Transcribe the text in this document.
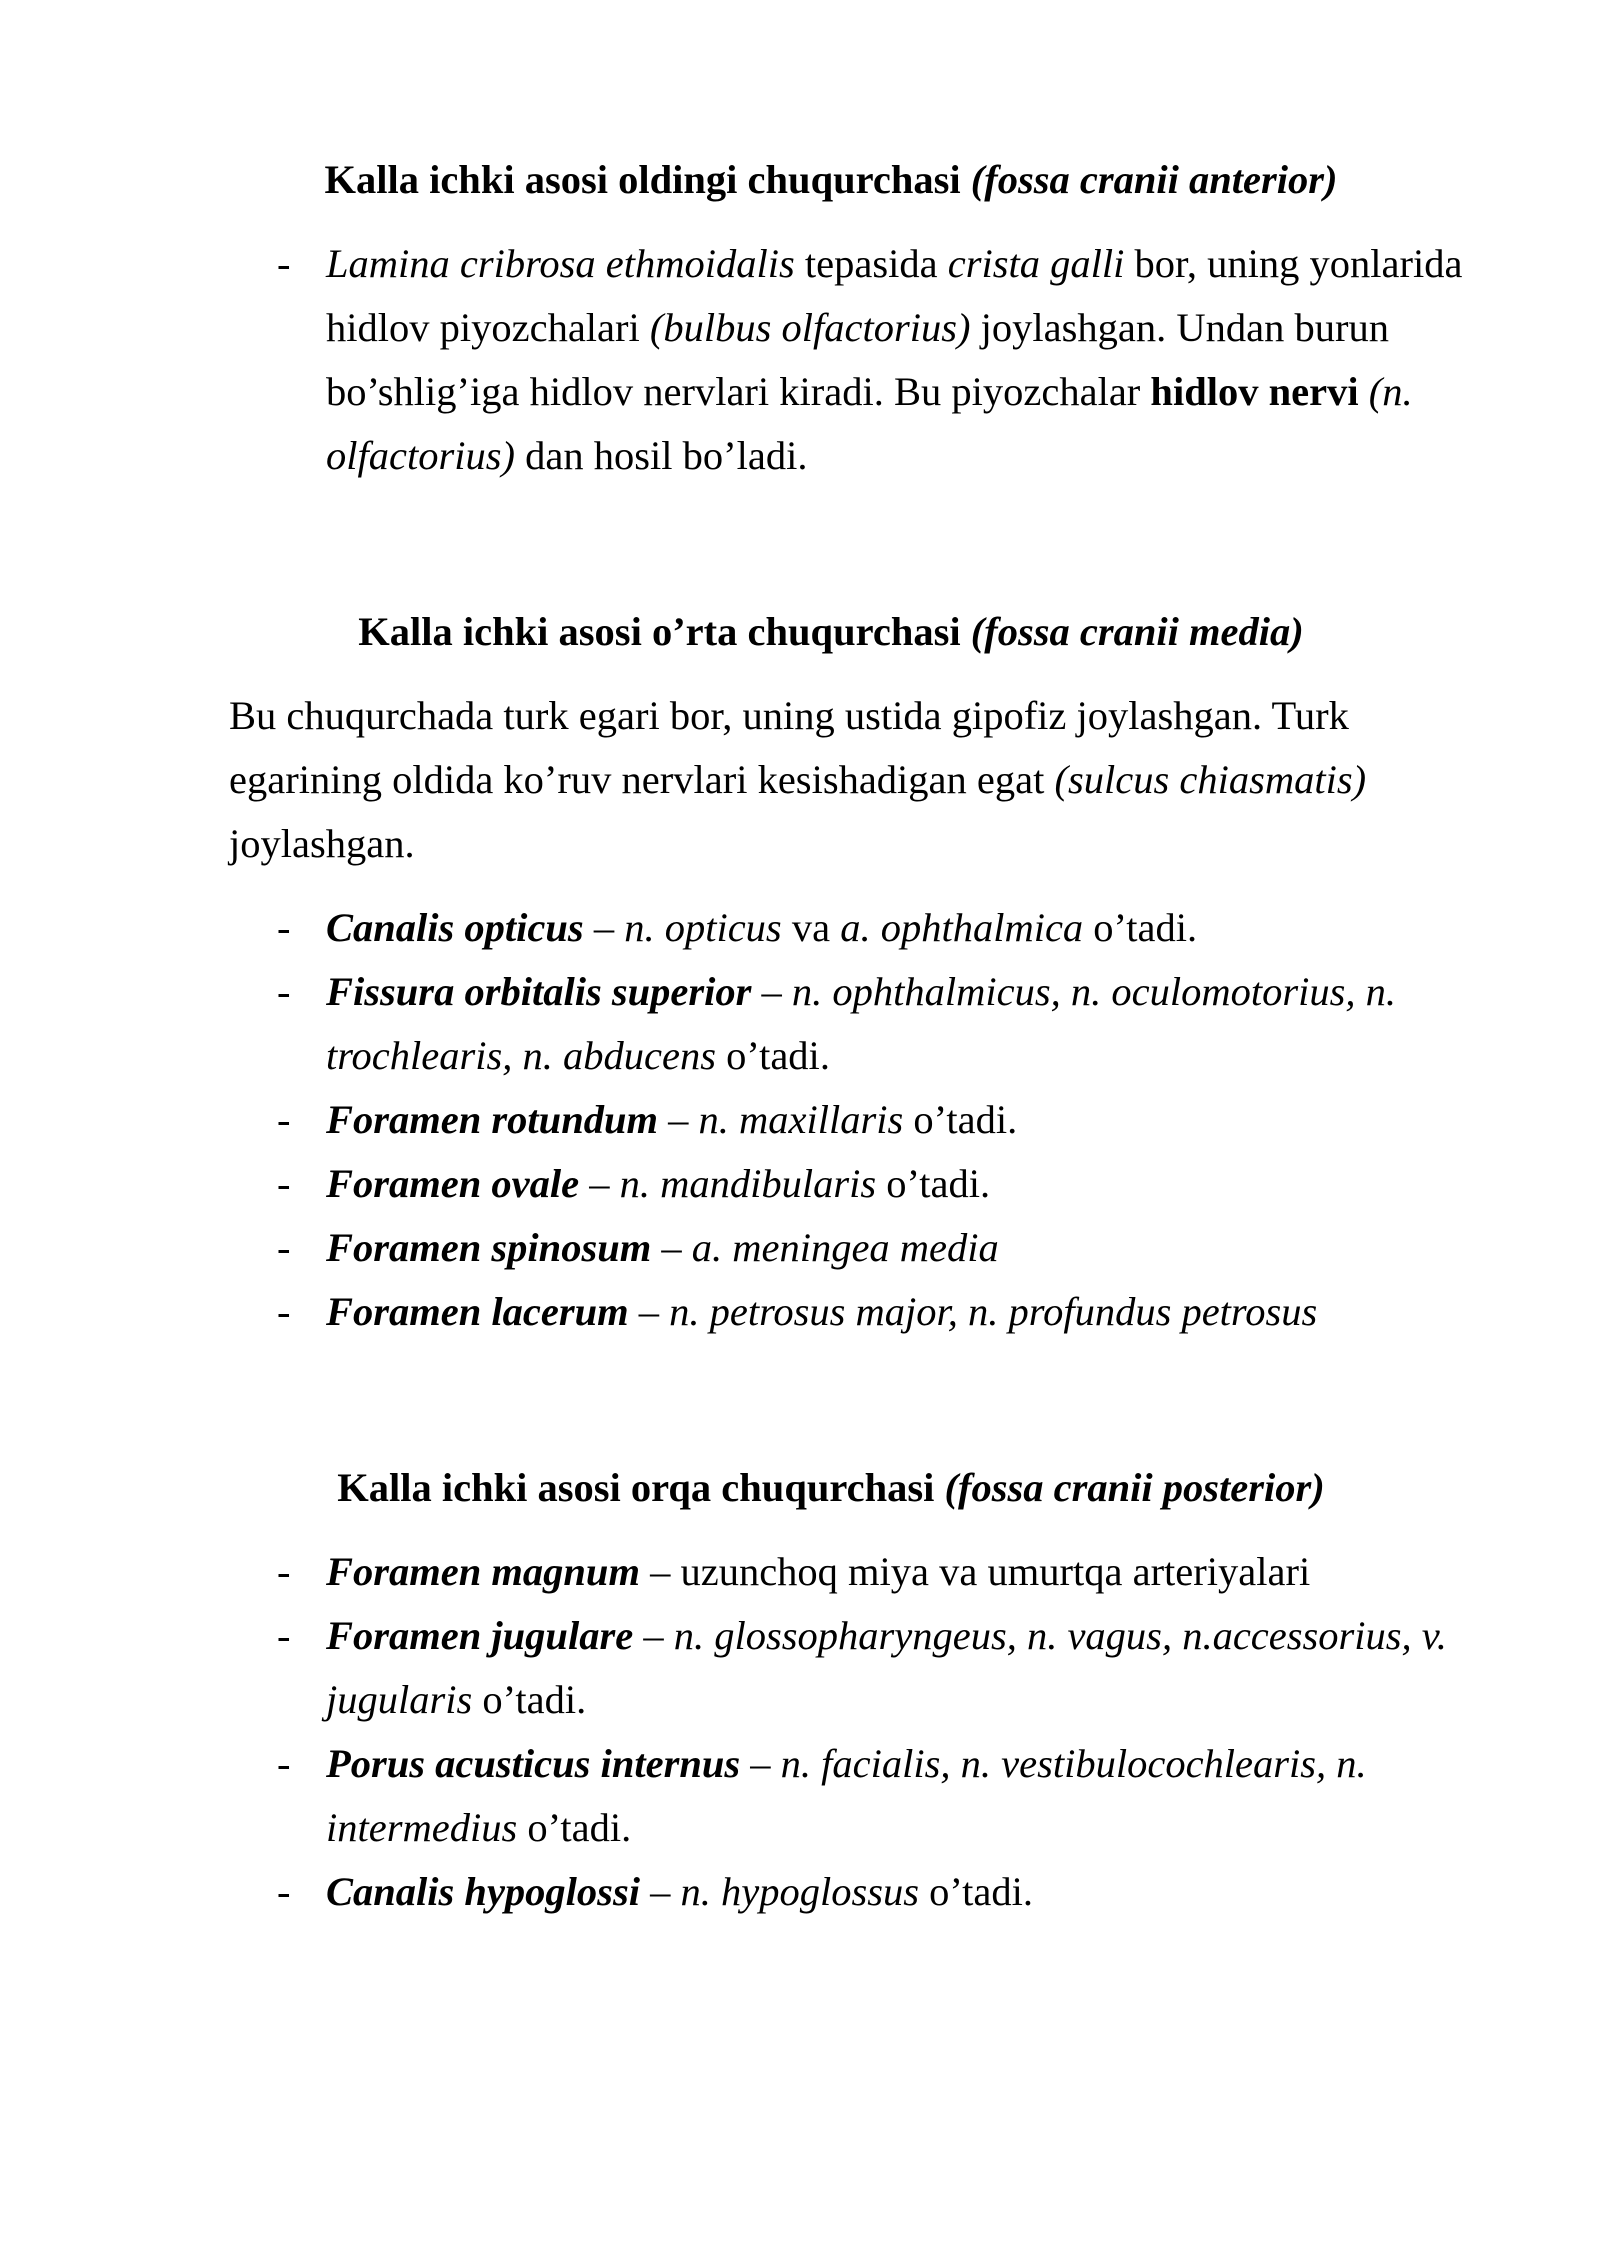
Kalla ichki asosi oldingi chuqurchasi (fossa cranii anterior)
- Lamina cribrosa ethmoidalis tepasida crista galli bor, uning yonlarida hidlov piyozchalari (bulbus olfactorius) joylashgan. Undan burun bo’shlig’iga hidlov nervlari kiradi. Bu piyozchalar hidlov nervi (n. olfactorius) dan hosil bo’ladi.
Kalla ichki asosi o’rta chuqurchasi (fossa cranii media)

Bu chuqurchada turk egari bor, uning ustida gipofiz joylashgan. Turk egarining oldida ko’ruv nervlari kesishadigan egat (sulcus chiasmatis) joylashgan.

- Canalis opticus – n. opticus va a. ophthalmica o’tadi.
- Fissura orbitalis superior – n. ophthalmicus, n. oculomotorius, n. trochlearis, n. abducens o’tadi.
- Foramen rotundum – n. maxillaris o’tadi.
- Foramen ovale – n. mandibularis o’tadi.
- Foramen spinosum – a. meningea media
- Foramen lacerum – n. petrosus major, n. profundus petrosus
Kalla ichki asosi orqa chuqurchasi (fossa cranii posterior)
- Foramen magnum – uzunchoq miya va umurtqa arteriyalari
- Foramen jugulare – n. glossopharyngeus, n. vagus, n.accessorius, v. jugularis o’tadi.
- Porus acusticus internus – n. facialis, n. vestibulocochlearis, n. intermedius o’tadi.
- Canalis hypoglossi – n. hypoglossus o’tadi.
